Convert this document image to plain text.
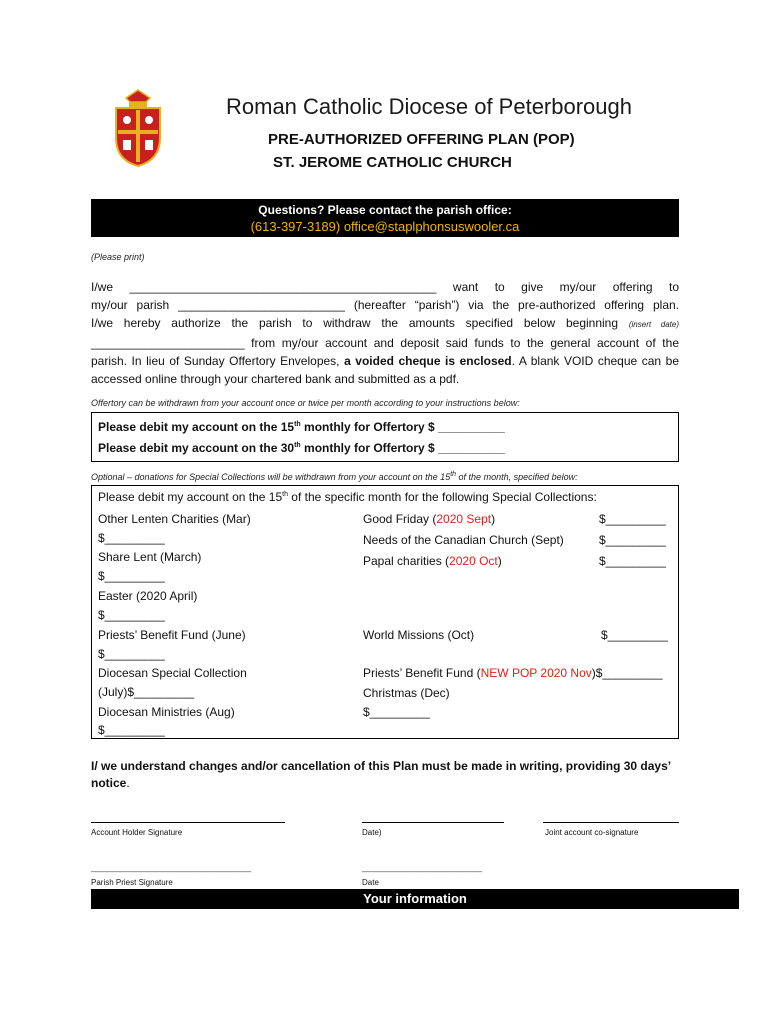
Roman Catholic Diocese of Peterborough
PRE-AUTHORIZED OFFERING PLAN (POP)
ST. JEROME CATHOLIC CHURCH
Questions? Please contact the parish office:
(613-397-3189) office@staplphonsuswooler.ca
(Please print)
I/we ______________________________________________ want to give my/our offering to
my/our parish _________________________ (hereafter “parish”) via the pre-authorized offering plan.
I/we hereby authorize the parish to withdraw the amounts specified below beginning (insert date)
_______________________ from my/our account and deposit said funds to the general account of the
parish. In lieu of Sunday Offertory Envelopes, a voided cheque is enclosed. A blank VOID cheque can be
accessed online through your chartered bank and submitted as a pdf.
Offertory can be withdrawn from your account once or twice per month according to your instructions below:
Please debit my account on the 15th monthly for Offertory $ __________
Please debit my account on the 30th monthly for Offertory $ __________
Optional – donations for Special Collections will be withdrawn from your account on the 15th of the month, specified below:
Please debit my account on the 15th of the specific month for the following Special Collections:
Other Lenten Charities (Mar)
$_________
Share Lent (March)
$_________
Easter (2020 April)
$_________
Priests’ Benefit Fund (June)
$_________
Diocesan Special Collection
(July)$_________
Diocesan Ministries (Aug)
$_________
Good Friday (2020 Sept)	$_________
Needs of the Canadian Church (Sept)	$_________
Papal charities (2020 Oct)	$_________
World Missions (Oct)	$_________
Priests’ Benefit Fund (NEW POP 2020 Nov)$_________
Christmas (Dec)
$_________
I/ we understand changes and/or cancellation of this Plan must be made in writing, providing 30 days’
notice.
Account Holder Signature	Date)	Joint account co-signature
________________________________
Parish Priest Signature
________________________
Date
Your information
